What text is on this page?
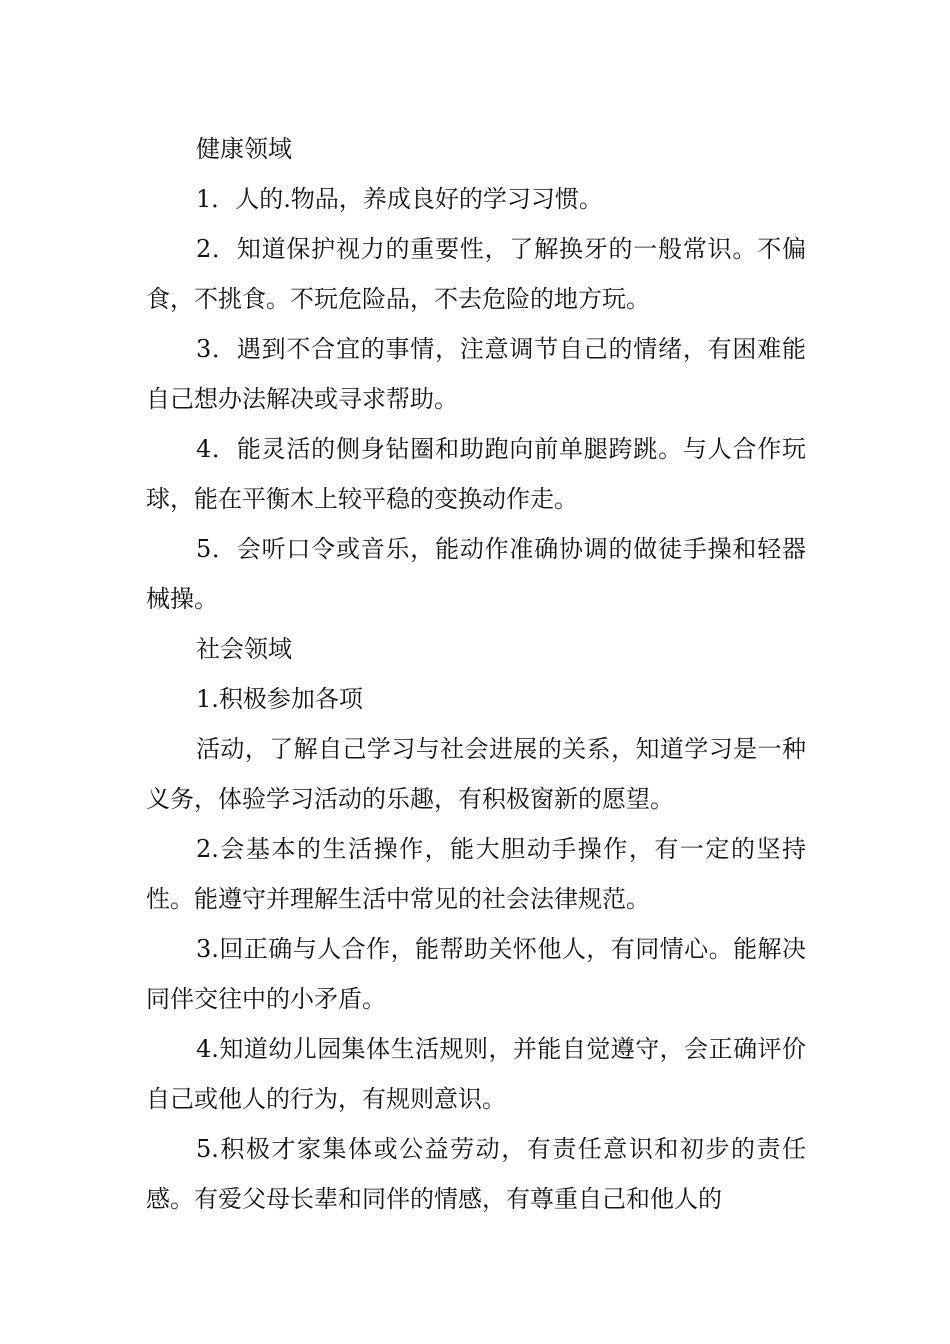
健康领域

1．人的.物品，养成良好的学习习惯。

2．知道保护视力的重要性，了解换牙的一般常识。不偏食，不挑食。不玩危险品，不去危险的地方玩。

3．遇到不合宜的事情，注意调节自己的情绪，有困难能自己想办法解决或寻求帮助。

4．能灵活的侧身钻圈和助跑向前单腿跨跳。与人合作玩球，能在平衡木上较平稳的变换动作走。

5．会听口令或音乐，能动作准确协调的做徒手操和轻器械操。

社会领域

1.积极参加各项

活动，了解自己学习与社会进展的关系，知道学习是一种义务，体验学习活动的乐趣，有积极窗新的愿望。

2.会基本的生活操作，能大胆动手操作，有一定的坚持性。能遵守并理解生活中常见的社会法律规范。

3.回正确与人合作，能帮助关怀他人，有同情心。能解决同伴交往中的小矛盾。

4.知道幼儿园集体生活规则，并能自觉遵守，会正确评价自己或他人的行为，有规则意识。

5.积极才家集体或公益劳动，有责任意识和初步的责任感。有爱父母长辈和同伴的情感，有尊重自己和他人的
